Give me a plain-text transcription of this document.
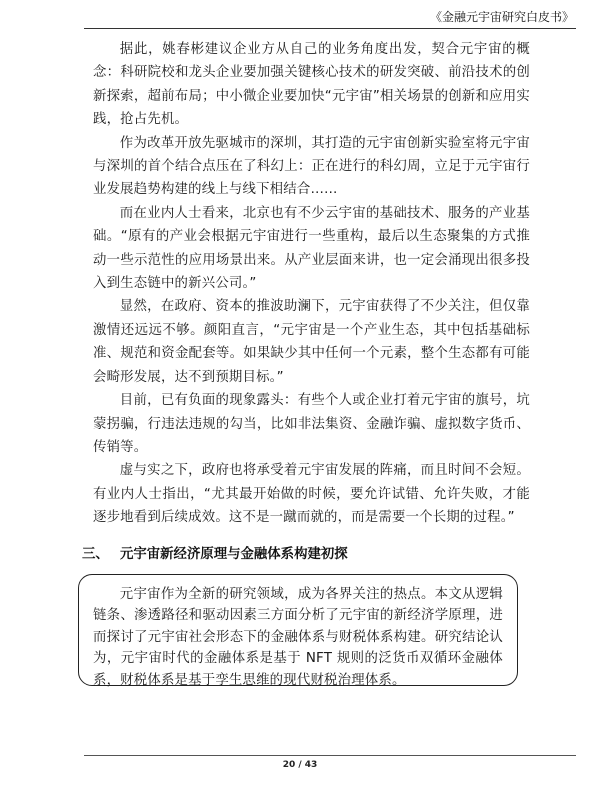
《金融元宇宙研究白皮书》

据此，姚春彬建议企业方从自己的业务角度出发，契合元宇宙的概念：科研院校和龙头企业要加强关键核心技术的研发突破、前沿技术的创新探索，超前布局；中小微企业要加快“元宇宙”相关场景的创新和应用实践，抢占先机。

作为改革开放先驱城市的深圳，其打造的元宇宙创新实验室将元宇宙与深圳的首个结合点压在了科幻上：正在进行的科幻周，立足于元宇宙行业发展趋势构建的线上与线下相结合……

而在业内人士看来，北京也有不少云宇宙的基础技术、服务的产业基础。“原有的产业会根据元宇宙进行一些重构，最后以生态聚集的方式推动一些示范性的应用场景出来。从产业层面来讲，也一定会涌现出很多投入到生态链中的新兴公司。”

显然，在政府、资本的推波助澜下，元宇宙获得了不少关注，但仅靠激情还远远不够。颜阳直言，“元宇宙是一个产业生态，其中包括基础标准、规范和资金配套等。如果缺少其中任何一个元素，整个生态都有可能会畸形发展，达不到预期目标。”

目前，已有负面的现象露头：有些个人或企业打着元宇宙的旗号，坑蒙拐骗，行违法违规的勾当，比如非法集资、金融诈骗、虚拟数字货币、传销等。

虚与实之下，政府也将承受着元宇宙发展的阵痛，而且时间不会短。有业内人士指出，“尤其最开始做的时候，要允许试错、允许失败，才能逐步地看到后续成效。这不是一蹴而就的，而是需要一个长期的过程。”

三、 元宇宙新经济原理与金融体系构建初探

元宇宙作为全新的研究领域，成为各界关注的热点。本文从逻辑链条、渗透路径和驱动因素三方面分析了元宇宙的新经济学原理，进而探讨了元宇宙社会形态下的金融体系与财税体系构建。研究结论认为，元宇宙时代的金融体系是基于 NFT 规则的泛货币双循环金融体系，财税体系是基于孪生思维的现代财税治理体系。

20 / 43
